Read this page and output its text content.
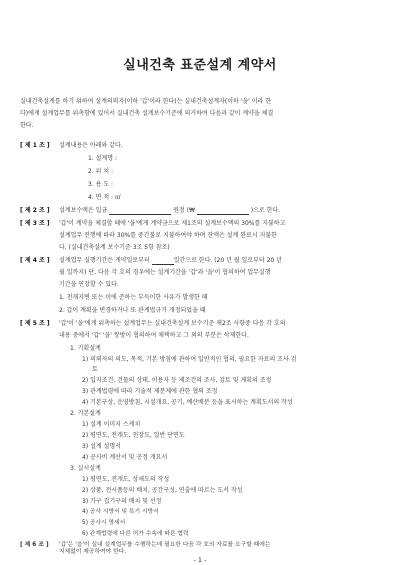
실내건축 표준설계 계약서
실내건축설계를 하기 위하여 설계의뢰자(이하 '갑'이라 한다)는 실내건축설계자(이하 '을' 이라 한
다)에게 설계업무를 위촉함에 있어서 실내건축 설계보수기준에 의거하여 다음과 같이 계약을 체결
한다.
[ 제 1 조 ] 설계내용은 아래와 같다.
1. 설계명 :
2. 위 치 :
3. 용 도 :
4. 면 적 : ㎡
[ 제 2 조 ] 설계보수액은 일금	원정 (₩	)으로 한다.
[ 제 3 조 ] '갑'이 계약을 체결할 때에 '을'에게 계약금으로 제1조의 설계보수액의 30%를 지불하고
설계업무 진행에 따라 30%를 중간불로 지불하여야 하며 잔액은 설계 완료시 지불한
다. (실내건축설계 보수기준 3조 5항 참조)
[ 제 4 조 ] 설계업무 실행기간은 계약일로부터	일간으로 한다. (20 년 월 일로부터 20 년
월 일까지) 단, 다음 각 호의 경우에는 설계기간을 '갑'과 '을'이 협의하여 업무실행
기간을 연장할 수 있다.
1. 천재지변 또는 이에 준하는 부득이한 사유가 발생한 때
2. 갑이 계획을 변경하거나 또 관계법규가 개정되었을 때
[ 제 5 조 ] '갑'이 '을'에게 위촉하는 설계업무는 실내건축설계 보수기준 제2조 사항중 다음 각 호의
내용 중에서 '갑' '을' 쌍방이 협의하여 채택하고 그 외의 부분은 삭제한다.
1. 기획설계
1) 의뢰자의 의도, 목적, 기본 방침에 관하여 일반적인 협의, 필요한 자료의 조사 검
토
2) 입지조건, 건물의 상태, 이용자 등 제조건의 조사, 검토 및 계획의 조정
3) 관계법령에 따라 기술적 제문제에 관한 협의 조정
4) 기본구상, 운영방침, 시설개요, 공기, 예산배분 등을 표시하는 계획도서의 작성
2. 기본설계
1) 설계 이미지 스케치
2) 평면도, 전개도, 천장도, 일반 단면도
3) 설계 설명서
4) 공사비 계산서 및 공정 개요서
3. 실시설계
1) 평면도, 전개도, 상세도의 작성
2) 상품, 전시품등의 배치, 공간구성, 연출에 따르는 도서 작성
3) 가구 집기구의 배치 및 선정
- 1 -
4) 공사 시방서 및 특기 시방서
5) 공사시 명세서
6) 관계법령에 다른 허가 수속에 따른 협력
[ 제 6 조 ] '갑'은 '을'이 실내 설계업무를 수행하는데 필요한 다음 각 호의 자료를 요구할 때에는
지체없이 제공하여야 한다.
